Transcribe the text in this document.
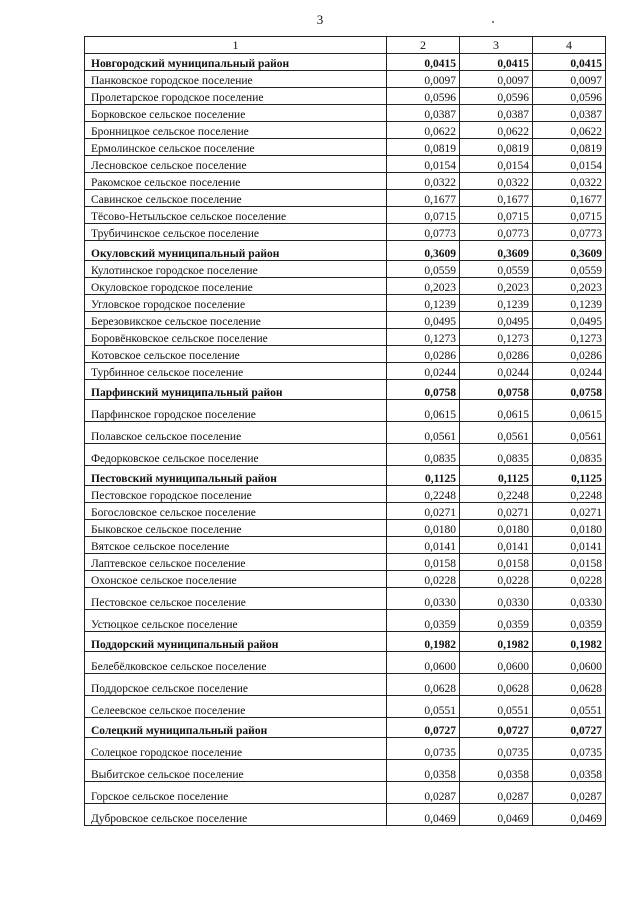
3
1	2	3	4
Новгородский муниципальный район	0,0415	0,0415	0,0415
Панковское городское поселение	0,0097	0,0097	0,0097
Пролетарское городское поселение	0,0596	0,0596	0,0596
Борковское сельское поселение	0,0387	0,0387	0,0387
Бронницкое сельское поселение	0,0622	0,0622	0,0622
Ермолинское сельское поселение	0,0819	0,0819	0,0819
Лесновское сельское поселение	0,0154	0,0154	0,0154
Ракомское сельское поселение	0,0322	0,0322	0,0322
Савинское сельское поселение	0,1677	0,1677	0,1677
Тёсово-Нетыльское сельское поселение	0,0715	0,0715	0,0715
Трубичинское сельское поселение	0,0773	0,0773	0,0773
Окуловский муниципальный район	0,3609	0,3609	0,3609
Кулотинское городское поселение	0,0559	0,0559	0,0559
Окуловское городское поселение	0,2023	0,2023	0,2023
Угловское городское поселение	0,1239	0,1239	0,1239
Березовикское сельское поселение	0,0495	0,0495	0,0495
Боровёнковское сельское поселение	0,1273	0,1273	0,1273
Котовское сельское поселение	0,0286	0,0286	0,0286
Турбинное сельское поселение	0,0244	0,0244	0,0244
Парфинский муниципальный район	0,0758	0,0758	0,0758
Парфинское городское поселение	0,0615	0,0615	0,0615
Полавское сельское поселение	0,0561	0,0561	0,0561
Федорковское сельское поселение	0,0835	0,0835	0,0835
Пестовский муниципальный район	0,1125	0,1125	0,1125
Пестовское городское поселение	0,2248	0,2248	0,2248
Богословское сельское поселение	0,0271	0,0271	0,0271
Быковское сельское поселение	0,0180	0,0180	0,0180
Вятское сельское поселение	0,0141	0,0141	0,0141
Лаптевское сельское поселение	0,0158	0,0158	0,0158
Охонское сельское поселение	0,0228	0,0228	0,0228
Пестовское сельское поселение	0,0330	0,0330	0,0330
Устюцкое сельское поселение	0,0359	0,0359	0,0359
Поддорский муниципальный район	0,1982	0,1982	0,1982
Белебёлковское сельское поселение	0,0600	0,0600	0,0600
Поддорское сельское поселение	0,0628	0,0628	0,0628
Селеевское сельское поселение	0,0551	0,0551	0,0551
Солецкий муниципальный район	0,0727	0,0727	0,0727
Солецкое городское поселение	0,0735	0,0735	0,0735
Выбитское сельское поселение	0,0358	0,0358	0,0358
Горское сельское поселение	0,0287	0,0287	0,0287
Дубровское сельское поселение	0,0469	0,0469	0,0469
